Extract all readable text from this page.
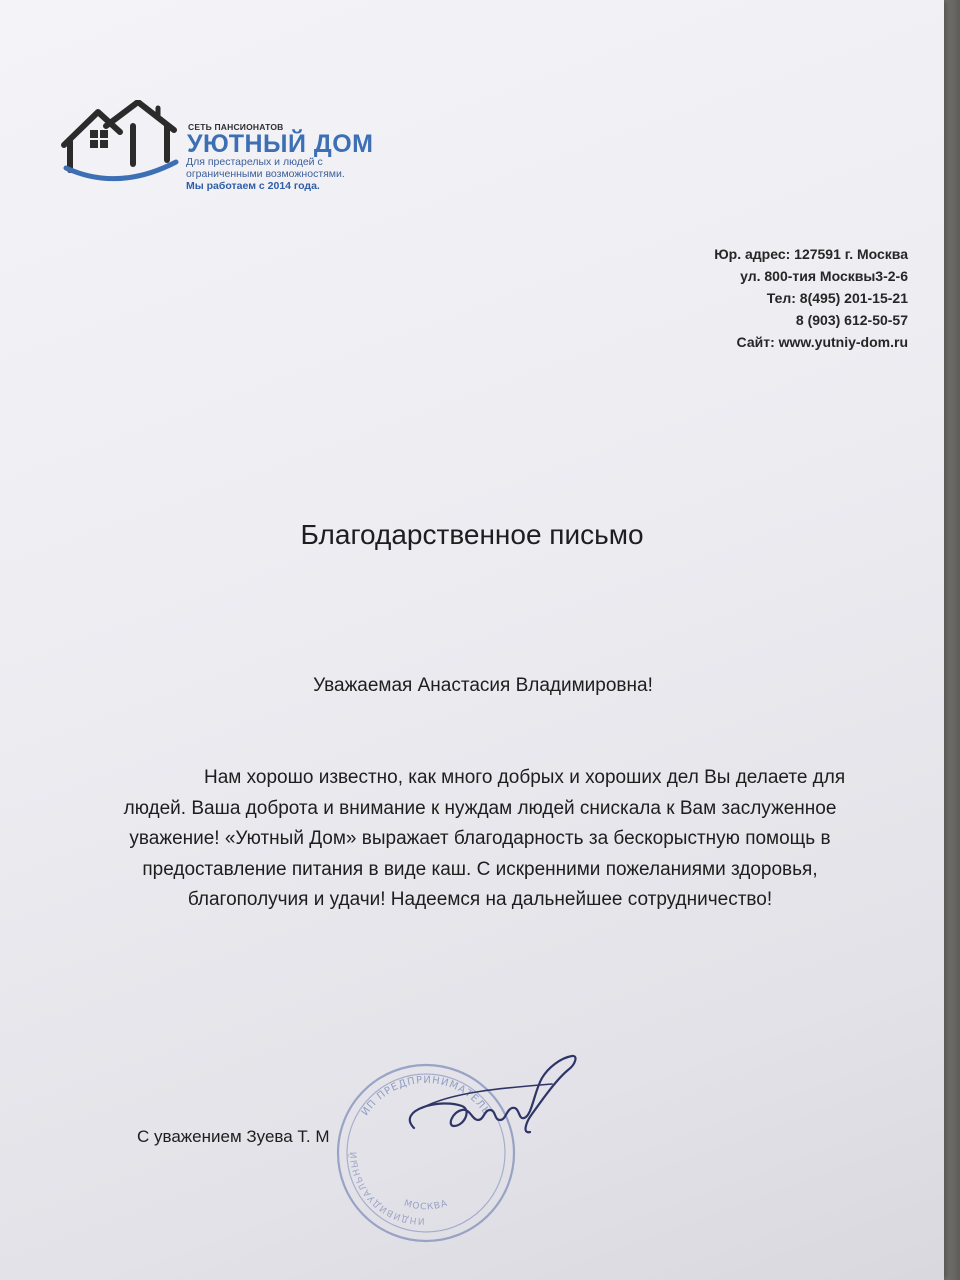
СЕТЬ ПАНСИОНАТОВ
УЮТНЫЙ ДОМ
Для престарелых и людей с
ограниченными возможностями.
Мы работаем с 2014 года.
Юр. адрес: 127591 г. Москва
ул. 800-тия Москвы3-2-6
Тел: 8(495) 201-15-21
8 (903) 612-50-57
Сайт: www.yutniy-dom.ru
Благодарственное письмо
Уважаемая Анастасия Владимировна!
Нам хорошо известно, как много добрых и хороших дел Вы делаете для
людей. Ваша доброта и внимание к нуждам людей снискала к Вам заслуженное
уважение! «Уютный Дом» выражает благодарность за бескорыстную помощь в
предоставление питания в виде каш. С искренними пожеланиями здоровья,
благополучия и удачи! Надеемся на дальнейшее сотрудничество!
С уважением Зуева Т. М
ИП ПРЕДПРИНИМАТЕЛЬ
ИНДИВИДУАЛЬНЫЙ
МОСКВА
